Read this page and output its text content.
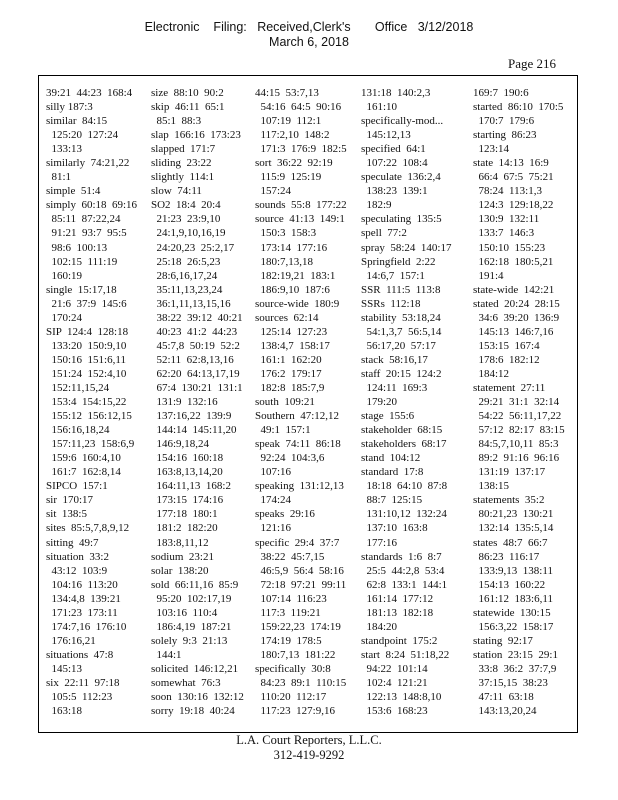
Electronic    Filing:   Received,Clerk's       Office   3/12/2018
March 6, 2018
Page 216
39:21  44:23  168:4
silly 187:3
similar  84:15
125:20  127:24
133:13
similarly  74:21,22
81:1
simple  51:4
simply  60:18  69:16
85:11  87:22,24
91:21  93:7  95:5
98:6  100:13
102:15  111:19
160:19
single  15:17,18
21:6  37:9  145:6
170:24
SIP  124:4  128:18
133:20  150:9,10
150:16  151:6,11
151:24  152:4,10
152:11,15,24
153:4  154:15,22
155:12  156:12,15
156:16,18,24
157:11,23  158:6,9
159:6  160:4,10
161:7  162:8,14
SIPCO  157:1
sir  170:17
sit  138:5
sites  85:5,7,8,9,12
sitting  49:7
situation  33:2
43:12  103:9
104:16  113:20
134:4,8  139:21
171:23  173:11
174:7,16  176:10
176:16,21
situations  47:8
145:13
six  22:11  97:18
105:5  112:23
163:18
size  88:10  90:2
skip  46:11  65:1
85:1  88:3
slap  166:16  173:23
slapped  171:7
sliding  23:22
slightly  114:1
slow  74:11
SO2  18:4  20:4
21:23  23:9,10
24:1,9,10,16,19
24:20,23  25:2,17
25:18  26:5,23
28:6,16,17,24
35:11,13,23,24
36:1,11,13,15,16
38:22  39:12  40:21
40:23  41:2  44:23
45:7,8  50:19  52:2
52:11  62:8,13,16
62:20  64:13,17,19
67:4  130:21  131:1
131:9  132:16
137:16,22  139:9
144:14  145:11,20
146:9,18,24
154:16  160:18
163:8,13,14,20
164:11,13  168:2
173:15  174:16
177:18  180:1
181:2  182:20
183:8,11,12
sodium  23:21
solar  138:20
sold  66:11,16  85:9
95:20  102:17,19
103:16  110:4
186:4,19  187:21
solely  9:3  21:13
144:1
solicited  146:12,21
somewhat  76:3
soon  130:16  132:12
sorry  19:18  40:24
44:15  53:7,13
54:16  64:5  90:16
107:19  112:1
117:2,10  148:2
171:3  176:9  182:5
sort  36:22  92:19
115:9  125:19
157:24
sounds  55:8  177:22
source  41:13  149:1
150:3  158:3
173:14  177:16
180:7,13,18
182:19,21  183:1
186:9,10  187:6
source-wide  180:9
sources  62:14
125:14  127:23
138:4,7  158:17
161:1  162:20
176:2  179:17
182:8  185:7,9
south  109:21
Southern  47:12,12
49:1  157:1
speak  74:11  86:18
92:24  104:3,6
107:16
speaking  131:12,13
174:24
speaks  29:16
121:16
specific  29:4  37:7
38:22  45:7,15
46:5,9  56:4  58:16
72:18  97:21  99:11
107:14  116:23
117:3  119:21
159:22,23  174:19
174:19  178:5
180:7,13  181:22
specifically  30:8
84:23  89:1  110:15
110:20  112:17
117:23  127:9,16
131:18  140:2,3
161:10
specifically-mod...
145:12,13
specified  64:1
107:22  108:4
speculate  136:2,4
138:23  139:1
182:9
speculating  135:5
spell  77:2
spray  58:24  140:17
Springfield  2:22
14:6,7  157:1
SSR  111:5  113:8
SSRs  112:18
stability  53:18,24
54:1,3,7  56:5,14
56:17,20  57:17
stack  58:16,17
staff  20:15  124:2
124:11  169:3
179:20
stage  155:6
stakeholder  68:15
stakeholders  68:17
stand  104:12
standard  17:8
18:18  64:10  87:8
88:7  125:15
131:10,12  132:24
137:10  163:8
177:16
standards  1:6  8:7
25:5  44:2,8  53:4
62:8  133:1  144:1
161:14  177:12
181:13  182:18
184:20
standpoint  175:2
start  8:24  51:18,22
94:22  101:14
102:4  121:21
122:13  148:8,10
153:6  168:23
169:7  190:6
started  86:10  170:5
170:7  179:6
starting  86:23
123:14
state  14:13  16:9
66:4  67:5  75:21
78:24  113:1,3
124:3  129:18,22
130:9  132:11
133:7  146:3
150:10  155:23
162:18  180:5,21
191:4
state-wide  142:21
stated  20:24  28:15
34:6  39:20  136:9
145:13  146:7,16
153:15  167:4
178:6  182:12
184:12
statement  27:11
29:21  31:1  32:14
54:22  56:11,17,22
57:12  82:17  83:15
84:5,7,10,11  85:3
89:2  91:16  96:16
131:19  137:17
138:15
statements  35:2
80:21,23  130:21
132:14  135:5,14
states  48:7  66:7
86:23  116:17
133:9,13  138:11
154:13  160:22
161:12  183:6,11
statewide  130:15
156:3,22  158:17
stating  92:17
station  23:15  29:1
33:8  36:2  37:7,9
37:15,15  38:23
47:11  63:18
143:13,20,24
L.A. Court Reporters, L.L.C.
312-419-9292
